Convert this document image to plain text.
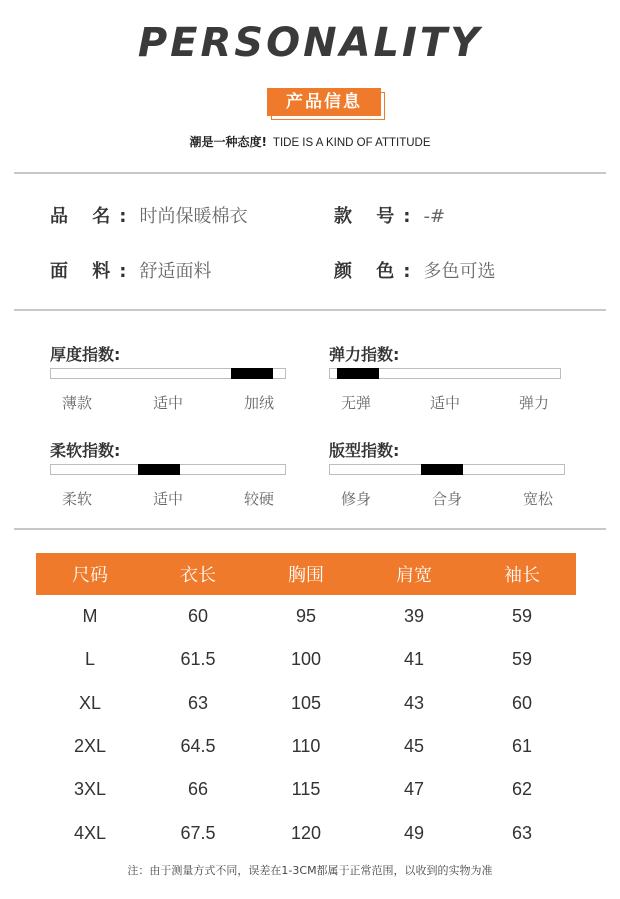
PERSONALITY
产品信息
潮是一种态度! TIDE IS A KIND OF ATTITUDE
品 名: 时尚保暖棉衣	款 号: -#
面 料: 舒适面料	颜 色: 多色可选
厚度指数:
薄款	适中	加绒
弹力指数:
无弹	适中	弹力
柔软指数:
柔软	适中	较硬
版型指数:
修身	合身	宽松
尺码	衣长	胸围	肩宽	袖长
M	60	95	39	59
L	61.5	100	41	59
XL	63	105	43	60
2XL	64.5	110	45	61
3XL	66	115	47	62
4XL	67.5	120	49	63
注：由于测量方式不同，误差在1-3CM都属于正常范围，以收到的实物为准
